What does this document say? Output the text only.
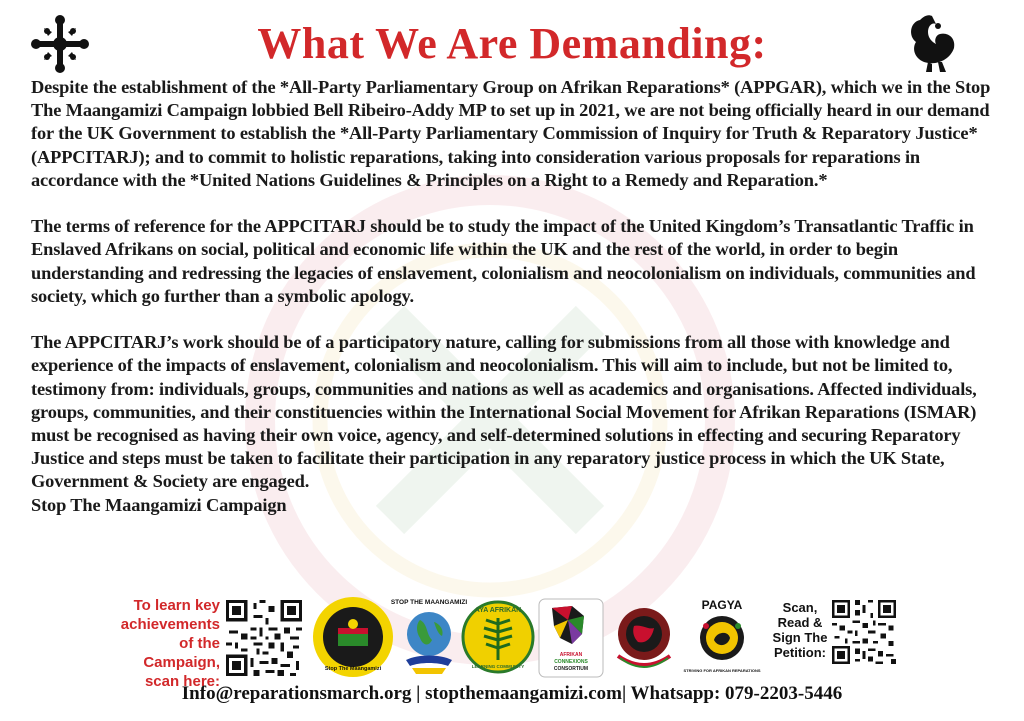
What We Are Demanding:

Despite the establishment of the *All-Party Parliamentary Group on Afrikan Reparations* (APPGAR), which we in the Stop The Maangamizi Campaign lobbied Bell Ribeiro-Addy MP to set up in 2021, we are not being officially heard in our demand for the UK Government to establish the *All-Party Parliamentary Commission of Inquiry for Truth & Reparatory Justice* (APPCITARJ); and to commit to holistic reparations, taking into consideration various proposals for reparations in accordance with the *United Nations Guidelines & Principles on a Right to a Remedy and Reparation.*

The terms of reference for the APPCITARJ should be to study the impact of the United Kingdom’s Transatlantic Traffic in Enslaved Afrikans on social, political and economic life within the UK and the rest of the world, in order to begin understanding and redressing the legacies of enslavement, colonialism and neocolonialism on individuals, communities and society, which go further than a symbolic apology.

The APPCITARJ’s work should be of a participatory nature, calling for submissions from all those with knowledge and experience of the impacts of enslavement, colonialism and neocolonialism. This will aim to include, but not be limited to, testimony from: individuals, groups, communities and nations as well as academics and organisations. Affected individuals, groups, communities, and their constituencies within the International Social Movement for Afrikan Reparations (ISMAR) must be recognised as having their own voice, agency, and self-determined solutions in effecting and securing Reparatory Justice and steps must be taken to facilitate their participation in any reparatory justice process in which the UK State, Government & Society are engaged.

Stop The Maangamizi Campaign

To learn key achievements of the Campaign, scan here:
Stop The Maangamizi
STOP THE MAANGAMIZI
AYA AFRIKAN
LEARNING COMMUNITY
AFRIKAN
CONNEXIONS
CONSORTIUM
PAGYA
STRIVING FOR AFRIKAN REPARATIONS
Scan, Read & Sign The Petition:
Info@reparationsmarch.org | stopthemaangamizi.com| Whatsapp: 079-2203-5446
